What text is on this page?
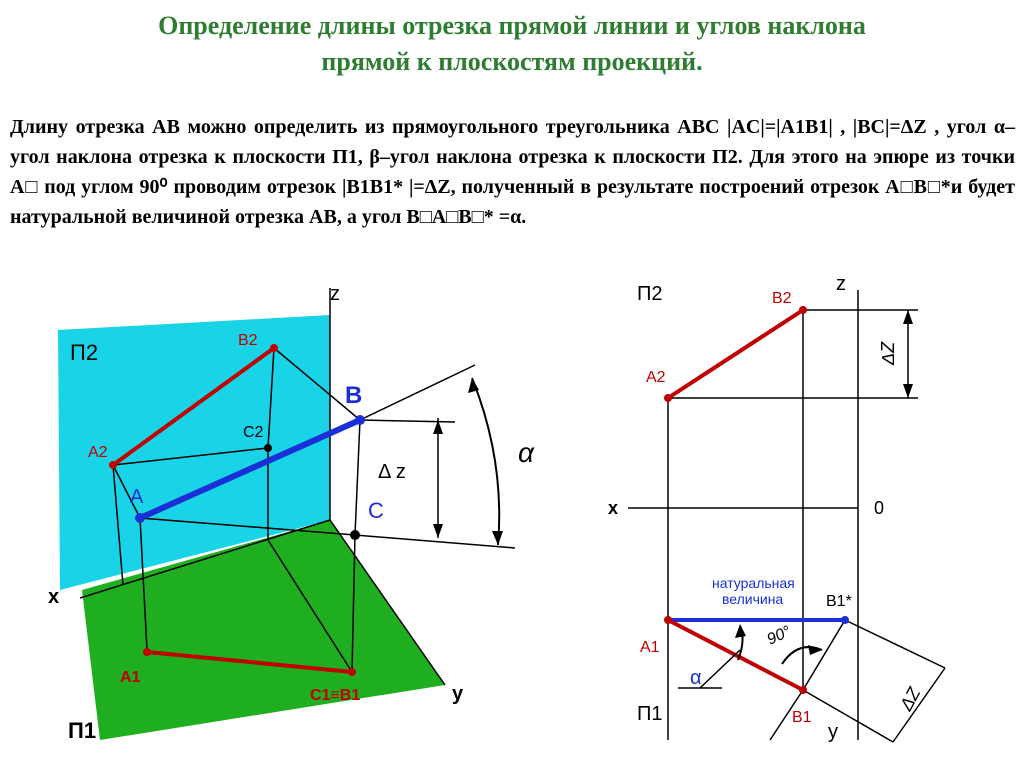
Определение длины отрезка прямой линии и углов наклона
прямой к плоскостям проекций.
Длину отрезка AB можно определить из прямоугольного треугольника ABC |AC|=|A1B1| , |BC|=ΔZ , угол α–угол наклона отрезка к плоскости П1, β–угол наклона отрезка к плоскости П2. Для этого на эпюре из точки A□ под углом 90⁰ проводим отрезок |B1B1* |=ΔZ, полученный в результате построений отрезок A□B□*и будет натуральной величиной отрезка AB, а угол B□A□B□* =α.
П2
П1
z
x
y
B2
A2
C2
A
B
C
A1
C1≡B1
Δ z
α
П2
П1
z
x
y
0
B2
A2
A1
B1
B1*
натуральная
величина
90°
α
ΔZ
ΔZ
